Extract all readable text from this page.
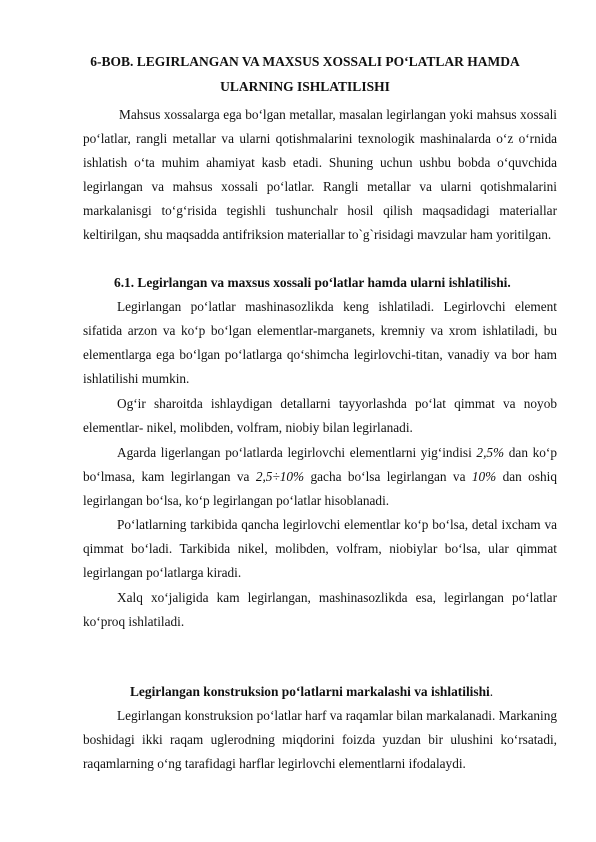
6-BOB. LEGIRLANGAN VA MAXSUS XOSSALI PO‘LATLAR HAMDA
ULARNING ISHLATILISHI
Mahsus xossalarga ega bo‘lgan metallar, masalan legirlangan yoki mahsus xossali po‘latlar, rangli metallar va ularni qotishmalarini texnologik mashinalarda o‘z o‘rnida ishlatish o‘ta muhim ahamiyat kasb etadi. Shuning uchun ushbu bobda o‘quvchida legirlangan va mahsus xossali po‘latlar. Rangli metallar va ularni qotishmalarini markalanisgi to‘g‘risida tegishli tushunchalr hosil qilish maqsadidagi materiallar keltirilgan, shu maqsadda antifriksion materiallar to`g`risidagi mavzular ham yoritilgan.
6.1. Legirlangan va maxsus xossali po‘latlar hamda ularni ishlatilishi.
Legirlangan po‘latlar mashinasozlikda keng ishlatiladi. Legirlovchi element sifatida arzon va ko‘p bo‘lgan elementlar-marganets, kremniy va xrom ishlatiladi, bu elementlarga ega bo‘lgan po‘latlarga qo‘shimcha legirlovchi-titan, vanadiy va bor ham ishlatilishi mumkin.
Og‘ir sharoitda ishlaydigan detallarni tayyorlashda po‘lat qimmat va noyob elementlar- nikel, molibden, volfram, niobiy bilan legirlanadi.
Agarda ligerlangan po‘latlarda legirlovchi elementlarni yig‘indisi 2,5% dan ko‘p bo‘lmasa, kam legirlangan va 2,5÷10% gacha bo‘lsa legirlangan va 10% dan oshiq legirlangan bo‘lsa, ko‘p legirlangan po‘latlar hisoblanadi.
Po‘latlarning tarkibida qancha legirlovchi elementlar ko‘p bo‘lsa, detal ixcham va qimmat bo‘ladi. Tarkibida nikel, molibden, volfram, niobiylar bo‘lsa, ular qimmat legirlangan po‘latlarga kiradi.
Xalq xo‘jaligida kam legirlangan, mashinasozlikda esa, legirlangan po‘latlar ko‘proq ishlatiladi.
Legirlangan konstruksion po‘latlarni markalashi va ishlatilishi.
Legirlangan konstruksion po‘latlar harf va raqamlar bilan markalanadi. Markaning boshidagi ikki raqam uglerodning miqdorini foizda yuzdan bir ulushini ko‘rsatadi, raqamlarning o‘ng tarafidagi harflar legirlovchi elementlarni ifodalaydi.
